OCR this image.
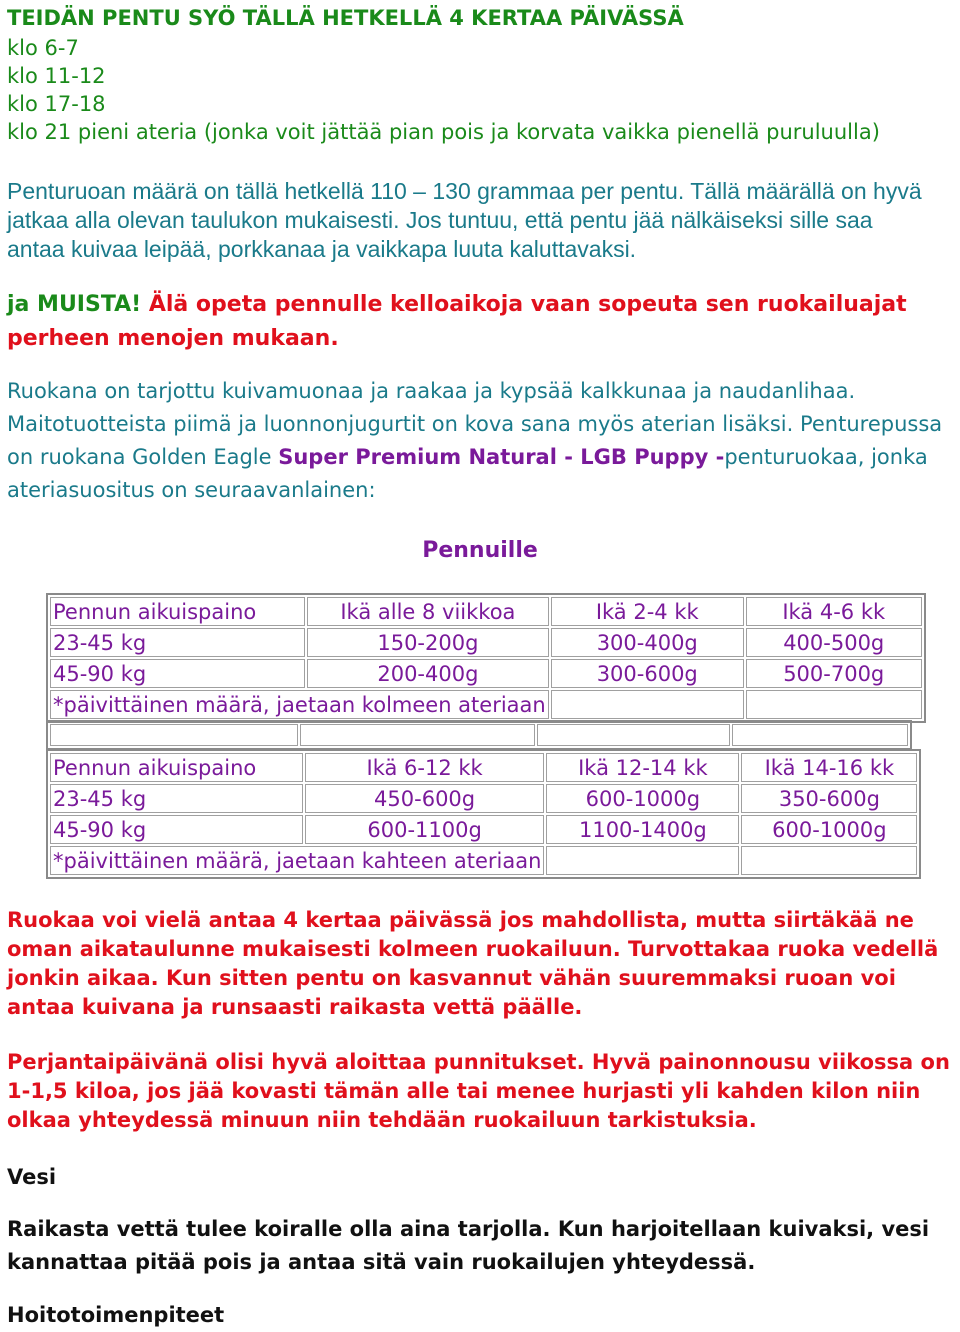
TEIDÄN PENTU SYÖ TÄLLÄ HETKELLÄ 4 KERTAA PÄIVÄSSÄ
klo 6-7
klo 11-12
klo 17-18
klo 21 pieni ateria (jonka voit jättää pian pois ja korvata vaikka pienellä puruluulla)
Penturuoan määrä on tällä hetkellä 110 – 130 grammaa per pentu. Tällä määrällä on hyvä
jatkaa alla olevan taulukon mukaisesti. Jos tuntuu, että pentu jää nälkäiseksi sille saa
antaa kuivaa leipää, porkkanaa ja vaikkapa luuta kaluttavaksi.
ja MUISTA! Älä opeta pennulle kelloaikoja vaan sopeuta sen ruokailuajat
perheen menojen mukaan.
Ruokana on tarjottu kuivamuonaa ja raakaa ja kypsää kalkkunaa ja naudanlihaa.
Maitotuotteista piimä ja luonnonjugurtit on kova sana myös aterian lisäksi. Penturepussa
on ruokana Golden Eagle Super Premium Natural - LGB Puppy -penturuokaa, jonka
ateriasuositus on seuraavanlainen:
Pennuille
Pennun aikuispaino	Ikä alle 8 viikkoa	Ikä 2-4 kk	Ikä 4-6 kk
23-45 kg	150-200g	300-400g	400-500g
45-90 kg	200-400g	300-600g	500-700g
*päivittäinen määrä, jaetaan kolmeen ateriaan			

Pennun aikuispaino	Ikä 6-12 kk	Ikä 12-14 kk	Ikä 14-16 kk
23-45 kg	450-600g	600-1000g	350-600g
45-90 kg	600-1100g	1100-1400g	600-1000g
*päivittäinen määrä, jaetaan kahteen ateriaan			
Ruokaa voi vielä antaa 4 kertaa päivässä jos mahdollista, mutta siirtäkää ne
oman aikataulunne mukaisesti kolmeen ruokailuun. Turvottakaa ruoka vedellä
jonkin aikaa. Kun sitten pentu on kasvannut vähän suuremmaksi ruoan voi
antaa kuivana ja runsaasti raikasta vettä päälle.
Perjantaipäivänä olisi hyvä aloittaa punnitukset. Hyvä painonnousu viikossa on
1-1,5 kiloa, jos jää kovasti tämän alle tai menee hurjasti yli kahden kilon niin
olkaa yhteydessä minuun niin tehdään ruokailuun tarkistuksia.
Vesi
Raikasta vettä tulee koiralle olla aina tarjolla. Kun harjoitellaan kuivaksi, vesi
kannattaa pitää pois ja antaa sitä vain ruokailujen yhteydessä.
Hoitotoimenpiteet
